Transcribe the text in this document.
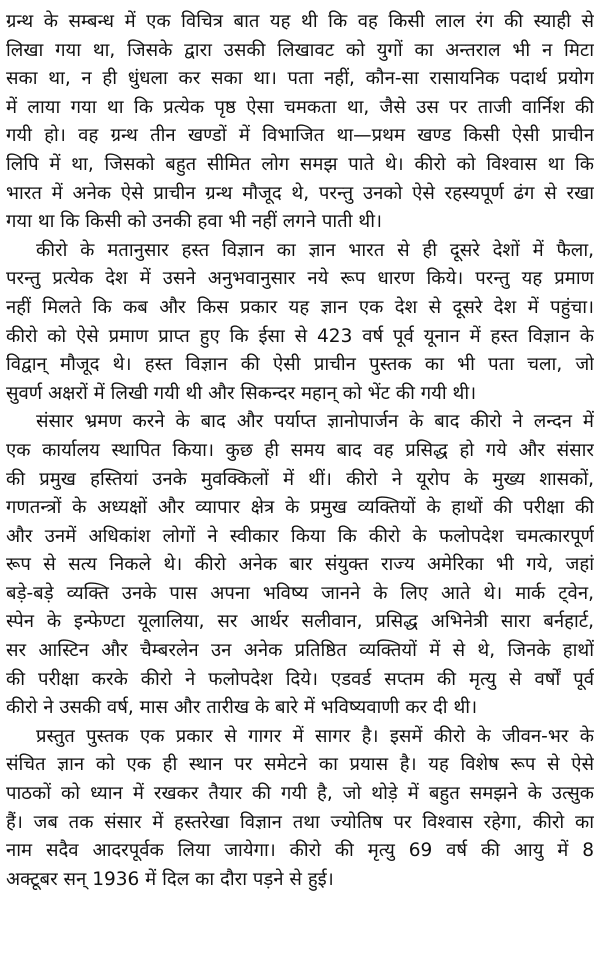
ग्रन्थ के सम्बन्ध में एक विचित्र बात यह थी कि वह किसी लाल रंग की स्याही से
लिखा गया था, जिसके द्वारा उसकी लिखावट को युगों का अन्तराल भी न मिटा
सका था, न ही धुंधला कर सका था। पता नहीं, कौन-सा रासायनिक पदार्थ प्रयोग
में लाया गया था कि प्रत्येक पृष्ठ ऐसा चमकता था, जैसे उस पर ताजी वार्निश की
गयी हो। वह ग्रन्थ तीन खण्डों में विभाजित था—प्रथम खण्ड किसी ऐसी प्राचीन
लिपि में था, जिसको बहुत सीमित लोग समझ पाते थे। कीरो को विश्वास था कि
भारत में अनेक ऐसे प्राचीन ग्रन्थ मौजूद थे, परन्तु उनको ऐसे रहस्यपूर्ण ढंग से रखा
गया था कि किसी को उनकी हवा भी नहीं लगने पाती थी।
कीरो के मतानुसार हस्त विज्ञान का ज्ञान भारत से ही दूसरे देशों में फैला,
परन्तु प्रत्येक देश में उसने अनुभवानुसार नये रूप धारण किये। परन्तु यह प्रमाण
नहीं मिलते कि कब और किस प्रकार यह ज्ञान एक देश से दूसरे देश में पहुंचा।
कीरो को ऐसे प्रमाण प्राप्त हुए कि ईसा से 423 वर्ष पूर्व यूनान में हस्त विज्ञान के
विद्वान् मौजूद थे। हस्त विज्ञान की ऐसी प्राचीन पुस्तक का भी पता चला, जो
सुवर्ण अक्षरों में लिखी गयी थी और सिकन्दर महान् को भेंट की गयी थी।
संसार भ्रमण करने के बाद और पर्याप्त ज्ञानोपार्जन के बाद कीरो ने लन्दन में
एक कार्यालय स्थापित किया। कुछ ही समय बाद वह प्रसिद्ध हो गये और संसार
की प्रमुख हस्तियां उनके मुवक्किलों में थीं। कीरो ने यूरोप के मुख्य शासकों,
गणतन्त्रों के अध्यक्षों और व्यापार क्षेत्र के प्रमुख व्यक्तियों के हाथों की परीक्षा की
और उनमें अधिकांश लोगों ने स्वीकार किया कि कीरो के फलोपदेश चमत्कारपूर्ण
रूप से सत्य निकले थे। कीरो अनेक बार संयुक्त राज्य अमेरिका भी गये, जहां
बड़े-बड़े व्यक्ति उनके पास अपना भविष्य जानने के लिए आते थे। मार्क ट्वेन,
स्पेन के इन्फेण्टा यूलालिया, सर आर्थर सलीवान, प्रसिद्ध अभिनेत्री सारा बर्नहार्ट,
सर आस्टिन और चैम्बरलेन उन अनेक प्रतिष्ठित व्यक्तियों में से थे, जिनके हाथों
की परीक्षा करके कीरो ने फलोपदेश दिये। एडवर्ड सप्तम की मृत्यु से वर्षों पूर्व
कीरो ने उसकी वर्ष, मास और तारीख के बारे में भविष्यवाणी कर दी थी।
प्रस्तुत पुस्तक एक प्रकार से गागर में सागर है। इसमें कीरो के जीवन-भर के
संचित ज्ञान को एक ही स्थान पर समेटने का प्रयास है। यह विशेष रूप से ऐसे
पाठकों को ध्यान में रखकर तैयार की गयी है, जो थोड़े में बहुत समझने के उत्सुक
हैं। जब तक संसार में हस्तरेखा विज्ञान तथा ज्योतिष पर विश्वास रहेगा, कीरो का
नाम सदैव आदरपूर्वक लिया जायेगा। कीरो की मृत्यु 69 वर्ष की आयु में 8
अक्टूबर सन् 1936 में दिल का दौरा पड़ने से हुई।
